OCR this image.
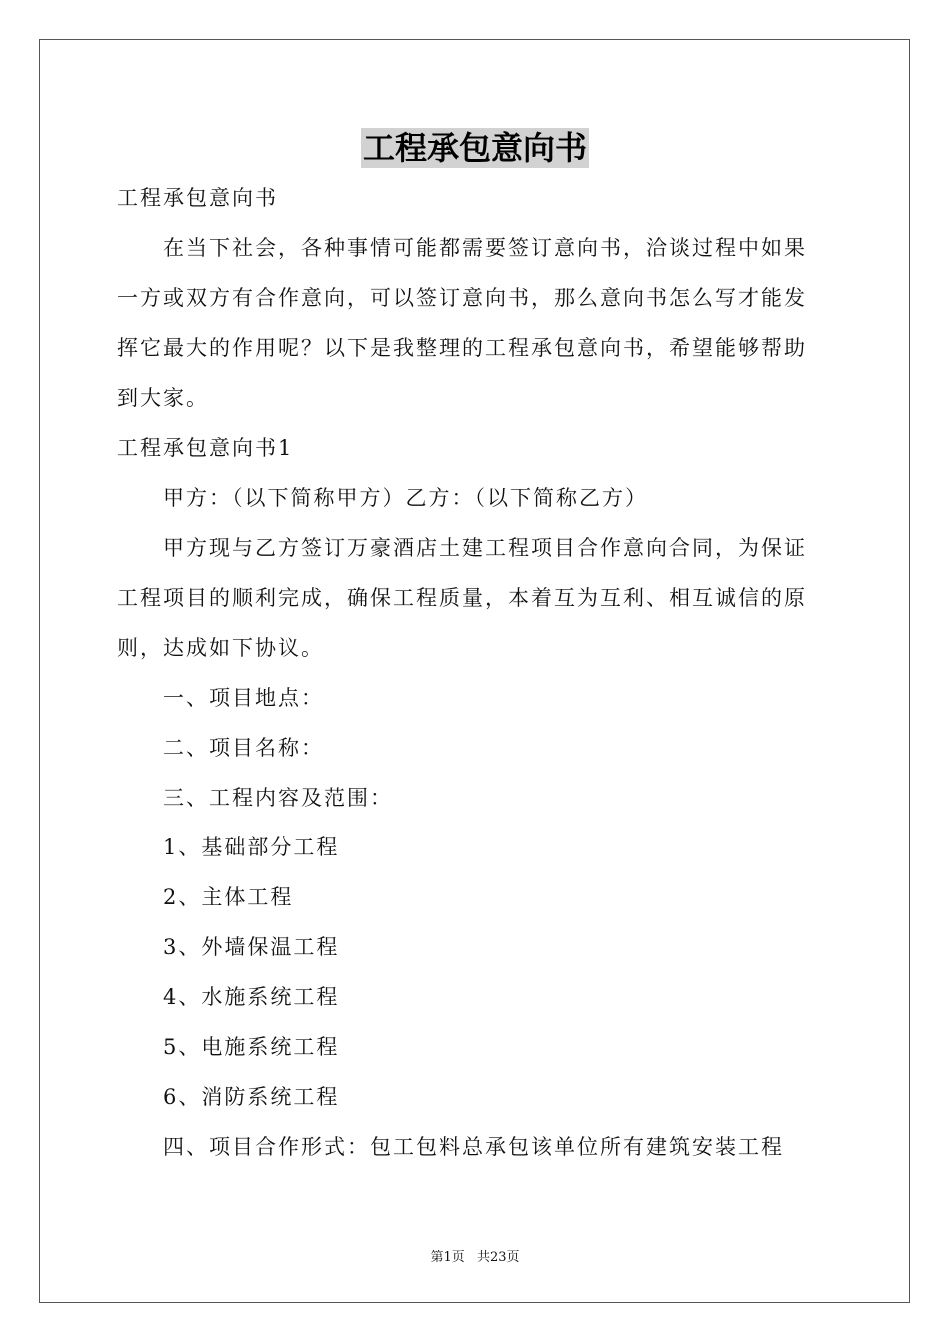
工程承包意向书
工程承包意向书
　　在当下社会，各种事情可能都需要签订意向书，洽谈过程中如果
一方或双方有合作意向，可以签订意向书，那么意向书怎么写才能发
挥它最大的作用呢？以下是我整理的工程承包意向书，希望能够帮助
到大家。
工程承包意向书1
　　甲方：（以下简称甲方）乙方：（以下简称乙方）
　　甲方现与乙方签订万豪酒店土建工程项目合作意向合同，为保证
工程项目的顺利完成，确保工程质量，本着互为互利、相互诚信的原
则，达成如下协议。
　　一、项目地点：
　　二、项目名称：
　　三、工程内容及范围：
　　1、基础部分工程
　　2、主体工程
　　3、外墙保温工程
　　4、水施系统工程
　　5、电施系统工程
　　6、消防系统工程
　　四、项目合作形式：包工包料总承包该单位所有建筑安装工程
第1页 共23页
